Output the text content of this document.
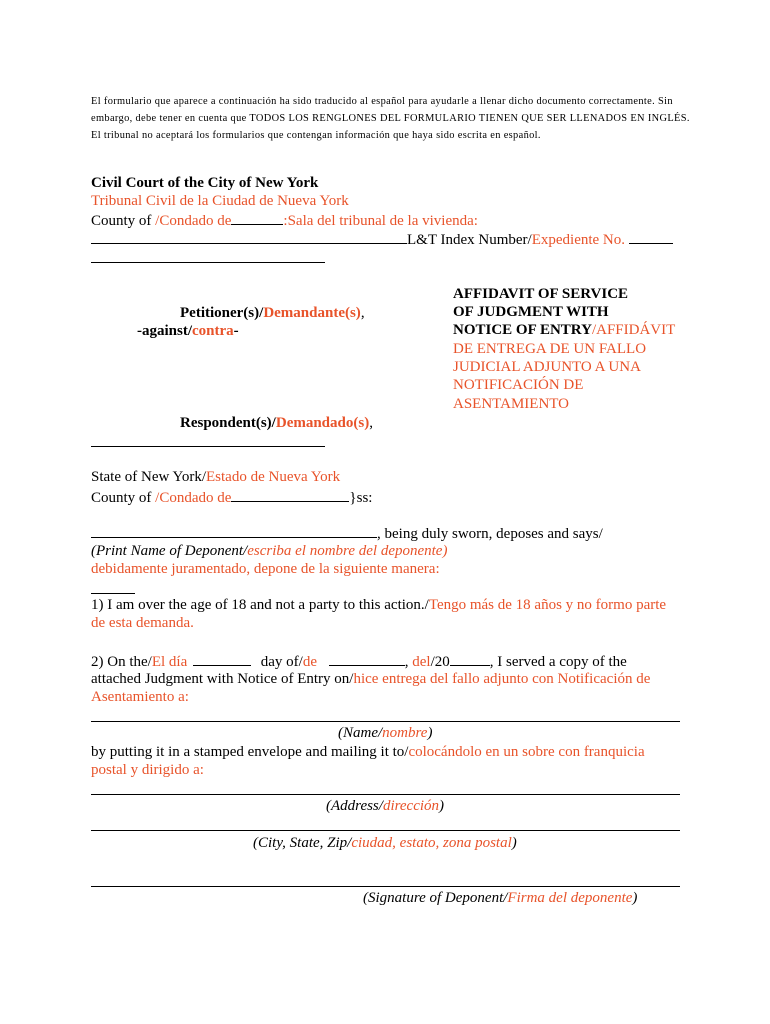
El formulario que aparece a continuación ha sido traducido al español para ayudarle a llenar dicho documento correctamente. Sin embargo, debe tener en cuenta que TODOS LOS RENGLONES DEL FORMULARIO TIENEN QUE SER LLENADOS EN INGLÉS. El tribunal no aceptará los formularios que contengan información que haya sido escrita en español.
Civil Court of the City of New York
Tribunal Civil de la Ciudad de Nueva York
County of /Condado de	:Sala del tribunal de la vivienda:
L&T Index Number/Expediente No.
Petitioner(s)/Demandante(s),
-against/contra-
Respondent(s)/Demandado(s),
AFFIDAVIT OF SERVICE
OF JUDGMENT WITH
NOTICE OF ENTRY/AFFIDÁVIT
DE ENTREGA DE UN FALLO
JUDICIAL ADJUNTO A UNA
NOTIFICACIÓN DE
ASENTAMIENTO
State of New York/Estado de Nueva York
County of /Condado de	}ss:
, being duly sworn, deposes and says/
(Print Name of Deponent/escriba el nombre del deponente)
debidamente juramentado, depone de la siguiente manera:
1) I am over the age of 18 and not a party to this action./Tengo más de 18 años y no formo parte
de esta demanda.
2) On the/El día	day of/de	, del/20	, I served a copy of the
attached Judgment with Notice of Entry on/hice entrega del fallo adjunto con Notificación de
Asentamiento a:
(Name/nombre)
by putting it in a stamped envelope and mailing it to/colocándolo en un sobre con franquicia
postal y dirigido a:
(Address/dirección)
(City, State, Zip/ciudad, estato, zona postal)
(Signature of Deponent/Firma del deponente)
